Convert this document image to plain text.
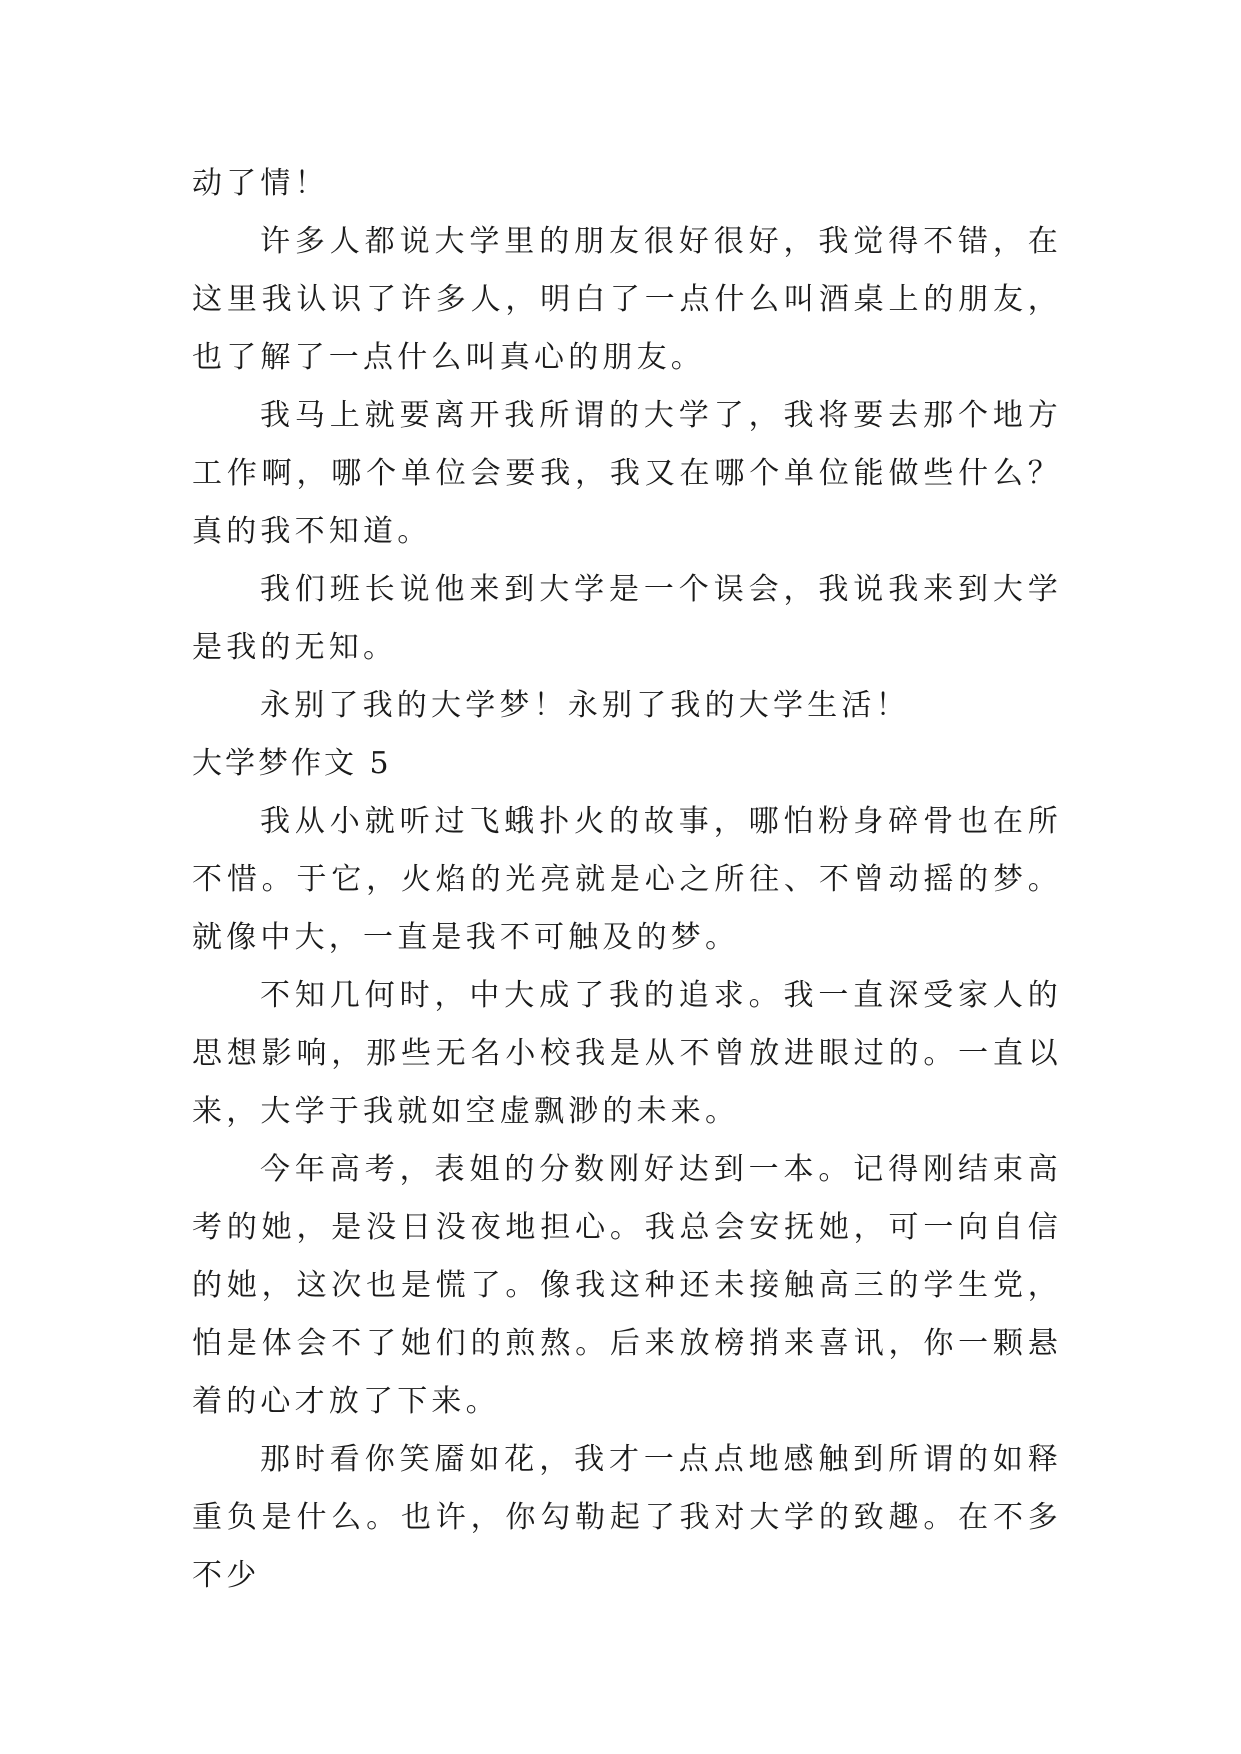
动了情！

许多人都说大学里的朋友很好很好，我觉得不错，在这里我认识了许多人，明白了一点什么叫酒桌上的朋友，也了解了一点什么叫真心的朋友。

我马上就要离开我所谓的大学了，我将要去那个地方工作啊，哪个单位会要我，我又在哪个单位能做些什么？真的我不知道。

我们班长说他来到大学是一个误会，我说我来到大学是我的无知。

永别了我的大学梦！永别了我的大学生活！

大学梦作文 5

我从小就听过飞蛾扑火的故事，哪怕粉身碎骨也在所不惜。于它，火焰的光亮就是心之所往、不曾动摇的梦。就像中大，一直是我不可触及的梦。

不知几何时，中大成了我的追求。我一直深受家人的思想影响，那些无名小校我是从不曾放进眼过的。一直以来，大学于我就如空虚飘渺的未来。

今年高考，表姐的分数刚好达到一本。记得刚结束高考的她，是没日没夜地担心。我总会安抚她，可一向自信的她，这次也是慌了。像我这种还未接触高三的学生党，怕是体会不了她们的煎熬。后来放榜捎来喜讯，你一颗悬着的心才放了下来。

那时看你笑靥如花，我才一点点地感触到所谓的如释重负是什么。也许，你勾勒起了我对大学的致趣。在不多不少
